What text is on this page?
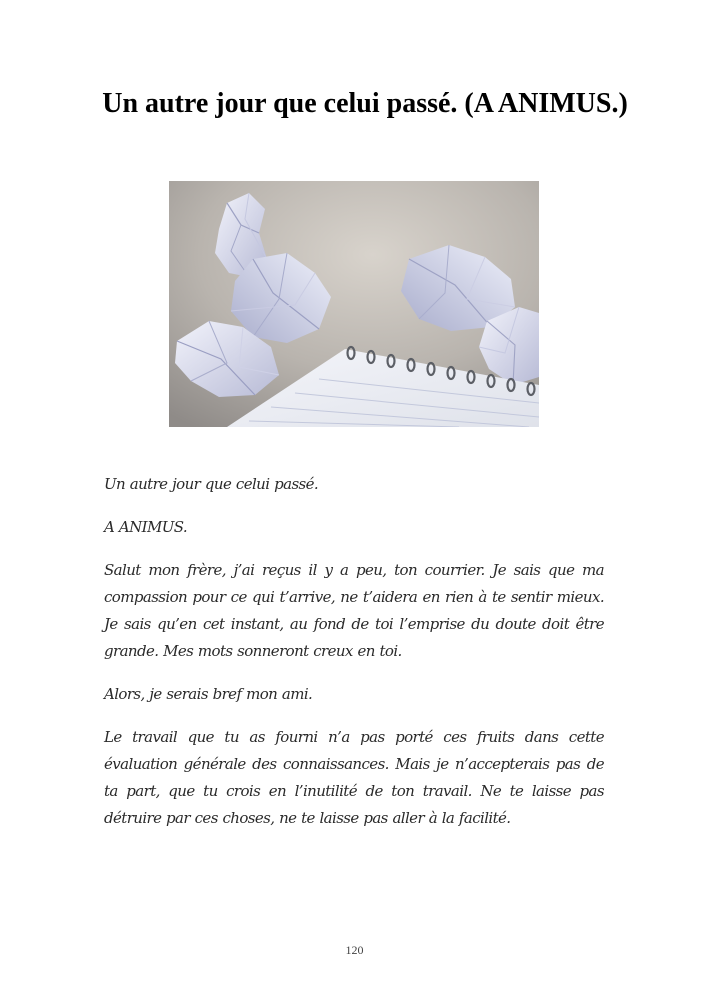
Un autre jour que celui passé. (A ANIMUS.)

Un autre jour que celui passé.

A ANIMUS.

Salut mon frère, j’ai reçus il y a peu, ton courrier. Je sais que ma compassion pour ce qui t’arrive, ne t’aidera en rien à te sentir mieux. Je sais qu’en cet instant, au fond de toi l’emprise du doute doit être grande. Mes mots sonneront creux en toi.

Alors, je serais bref mon ami.

Le travail que tu as fourni n’a pas porté ces fruits dans cette évaluation générale des connaissances. Mais je n’accepterais pas de ta part, que tu crois en l’inutilité de ton travail. Ne te laisse pas détruire par ces choses, ne te laisse pas aller à la facilité.

120
